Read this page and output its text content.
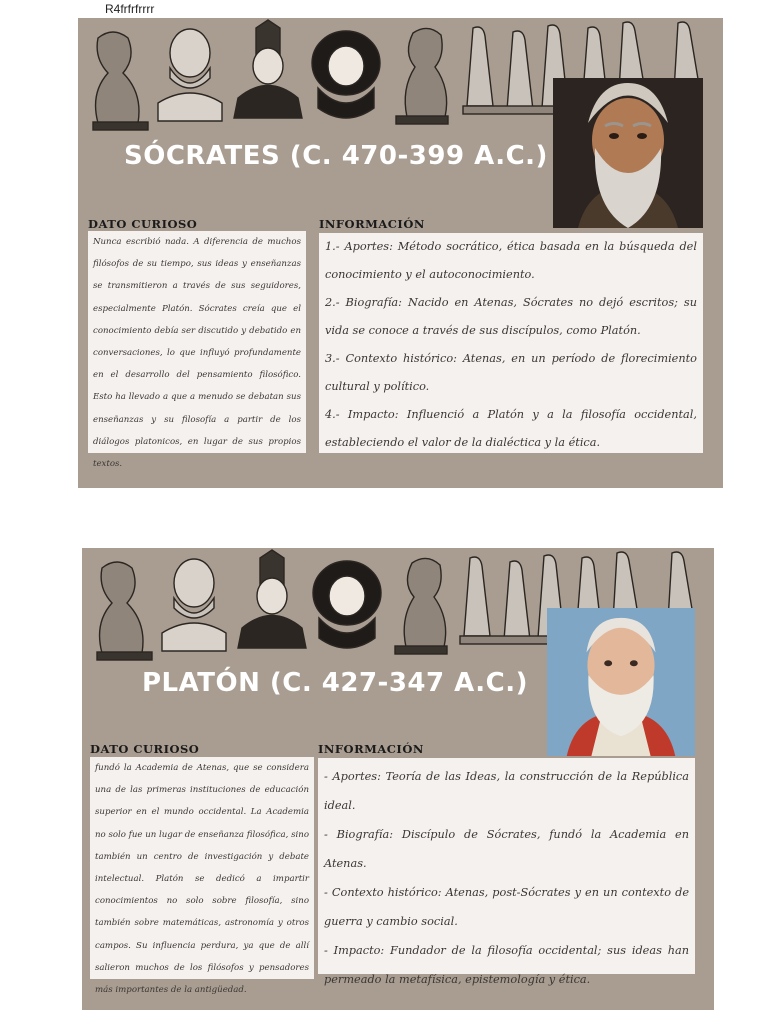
R4frfrfrrrr
SÓCRATES (C. 470-399 A.C.)
DATO CURIOSO
Nunca escribió nada. A diferencia de muchos filósofos de su tiempo, sus ideas y enseñanzas se transmitieron a través de sus seguidores, especialmente Platón. Sócrates creía que el conocimiento debía ser discutido y debatido en conversaciones, lo que influyó profundamente en el desarrollo del pensamiento filosófico. Esto ha llevado a que a menudo se debatan sus enseñanzas y su filosofía a partir de los diálogos platonicos, en lugar de sus propios textos.
INFORMACIÓN
1.- Aportes: Método socrático, ética basada en la búsqueda del conocimiento y el autoconocimiento.
2.- Biografía: Nacido en Atenas, Sócrates no dejó escritos; su vida se conoce a través de sus discípulos, como Platón.
3.- Contexto histórico: Atenas, en un período de florecimiento cultural y político.
4.- Impacto: Influenció a Platón y a la filosofía occidental, estableciendo el valor de la dialéctica y la ética.
PLATÓN (C. 427-347 A.C.)
DATO CURIOSO
fundó la Academia de Atenas, que se considera una de las primeras instituciones de educación superior en el mundo occidental. La Academia no solo fue un lugar de enseñanza filosófica, sino también un centro de investigación y debate intelectual. Platón se dedicó a impartir conocimientos no solo sobre filosofía, sino también sobre matemáticas, astronomía y otros campos. Su influencia perdura, ya que de allí salieron muchos de los filósofos y pensadores más importantes de la antigüedad.
INFORMACIÓN
- Aportes: Teoría de las Ideas, la construcción de la República ideal.
- Biografía: Discípulo de Sócrates, fundó la Academia en Atenas.
- Contexto histórico: Atenas, post-Sócrates y en un contexto de guerra y cambio social.
- Impacto: Fundador de la filosofía occidental; sus ideas han permeado la metafísica, epistemología y ética.
